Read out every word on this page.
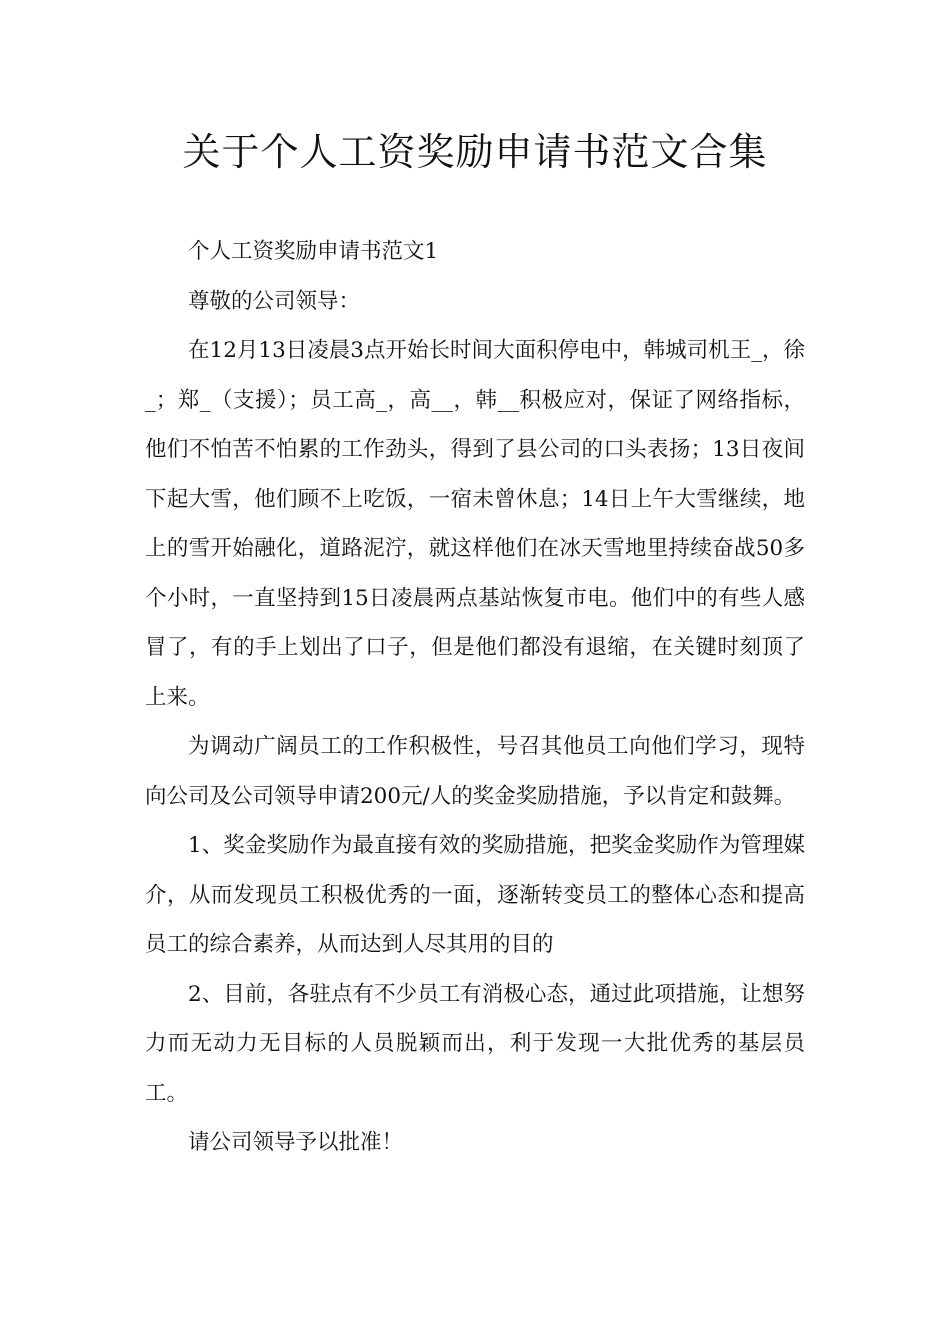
关于个人工资奖励申请书范文合集

个人工资奖励申请书范文1

尊敬的公司领导：

在12月13日凌晨3点开始长时间大面积停电中，韩城司机王_，徐_；郑_（支援）；员工高_，高__，韩__积极应对，保证了网络指标，他们不怕苦不怕累的工作劲头，得到了县公司的口头表扬；13日夜间下起大雪，他们顾不上吃饭，一宿未曾休息；14日上午大雪继续，地上的雪开始融化，道路泥泞，就这样他们在冰天雪地里持续奋战50多个小时，一直坚持到15日凌晨两点基站恢复市电。他们中的有些人感冒了，有的手上划出了口子，但是他们都没有退缩，在关键时刻顶了上来。

为调动广阔员工的工作积极性，号召其他员工向他们学习，现特向公司及公司领导申请200元/人的奖金奖励措施，予以肯定和鼓舞。

1、奖金奖励作为最直接有效的奖励措施，把奖金奖励作为管理媒介，从而发现员工积极优秀的一面，逐渐转变员工的整体心态和提高员工的综合素养，从而达到人尽其用的目的

2、目前，各驻点有不少员工有消极心态，通过此项措施，让想努力而无动力无目标的人员脱颖而出，利于发现一大批优秀的基层员工。

请公司领导予以批准！
